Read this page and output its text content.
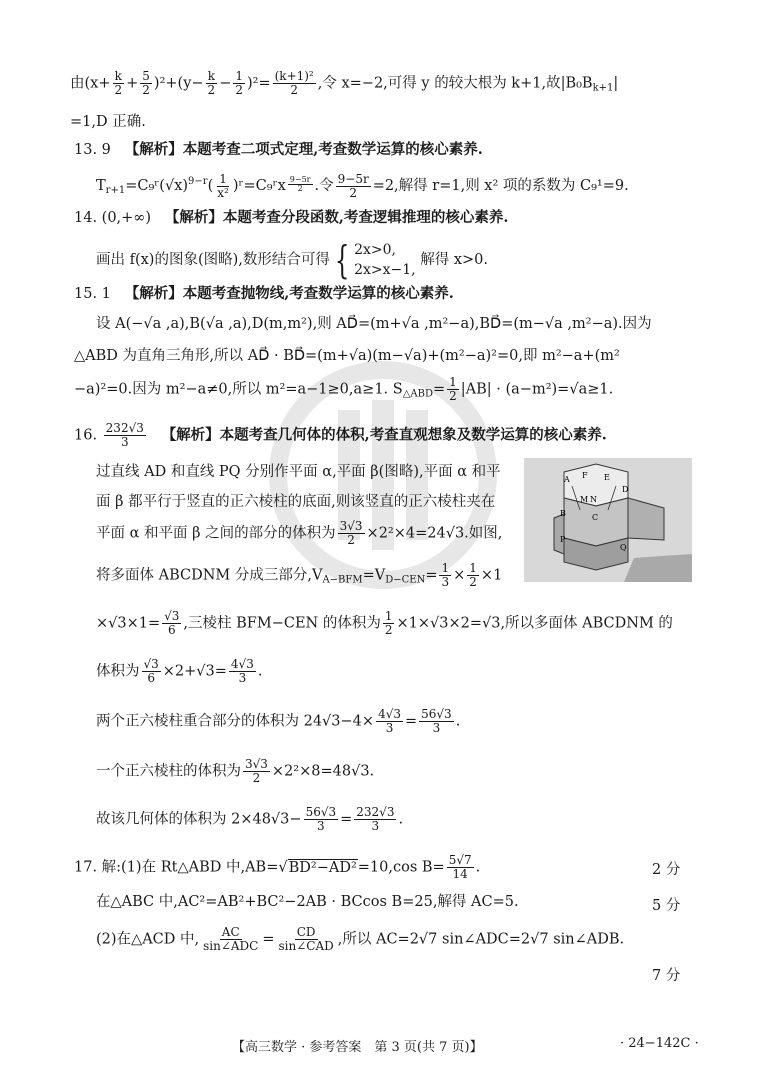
由$(x+ \frac{k}{2} + \frac{5}{2} )^2+(y- \frac{k}{2} - \frac{1}{2} )^2= \frac{\text{(k+1)²}}{2}$ ,令 x=−2,可得 y 的较大根为 k+1,故$|B_0B_{k+1}|$
=1,D 正确.
13. 9 【解析】本题考查二项式定理,考查数学运算的核心素养.
$T_{r+1}=C_9ʳ(√x)^{9-r}( \frac{1}{\text{x²}}$ )ʳ=C₉ʳx $\frac{9-5r}{2}$ .令 $\frac{9-5r}{2} =2$,解得 r=1,则 x² 项的系数为 C₉¹=9.
14. (0,+∞) 【解析】本题考查分段函数,考查逻辑推理的核心素养.
画出 f(x)的图象(图略),数形结合可得 { 2x>0,
2x>x−1,
解得 x>0.
15. 1 【解析】本题考查抛物线,考查数学运算的核心素养.
设 A(−√a ,a),B(√a ,a),D(m,m²),则 AD⃗=(m+√a ,m²−a),BD⃗=(m−√a ,m²−a).因为
△ABD 为直角三角形,所以 AD⃗ · BD⃗=(m+√a)(m−√a)+(m²−a)²=0,即 m²−a+(m²
−a)²=0.因为 m²−a≠0,所以 m²=a−1≥0,a≥1. $S_{\triangle ABD}= \frac{1}{2} |AB| \cdot (a-m^2)=√a\ge 1$.
16. $\frac{232√3}{3}$ 【解析】本题考查几何体的体积,考查直观想象及数学运算的核心素养.
过直线 AD 和直线 PQ 分别作平面 α,平面 β(图略),平面 α 和平
面 β 都平行于竖直的正六棱柱的底面,则该竖直的正六棱柱夹在
平面 α 和平面 β 之间的部分的体积为 $\frac{3√3}{2} \times 2^2\times 4=24√3$.如图,
将多面体 ABCDNM 分成三部分$,V_{A-BFM}=V_{D-CEN}= \frac{1}{3} \times \frac{1}{2} \times 1$
$\times√3\times 1= \frac{√3}{6}$ ,三棱柱 BFM−CEN 的体积为 $\frac{1}{2} \times 1\times√3\times 2=√3$,所以多面体 ABCDNM 的
体积为 $\frac{√3}{6} \times 2+√3= \frac{4√3}{3}$ .
两个正六棱柱重合部分的体积为 $24√3-4\times \frac{4√3}{3} = \frac{56√3}{3}$ .
一个正六棱柱的体积为 $\frac{3√3}{2} \times 2^2\times 8=48√3$.
故该几何体的体积为 $2\times 48√3- \frac{56√3}{3} = \frac{232√3}{3}$ .
A F E
D
M N
B	C
P
Q
17. 解:(1)在 Rt△ABD 中,AB=√BD²−AD²=10,cos $B= \frac{5√7}{14}$ .	2 分
在△ABC 中,AC²=AB²+BC²−2AB · BCcos B=25,解得 AC=5.	5 分
(2)在△ACD 中, $\frac{AC}{\text{sin∠ADC}} = \frac{CD}{\text{sin∠CAD}}$ ,所以 AC=2√7 sin∠ADC=2√7 sin∠ADB.
7 分
【高三数学 · 参考答案　第 3 页(共 7 页)】	· 24−142C ·
